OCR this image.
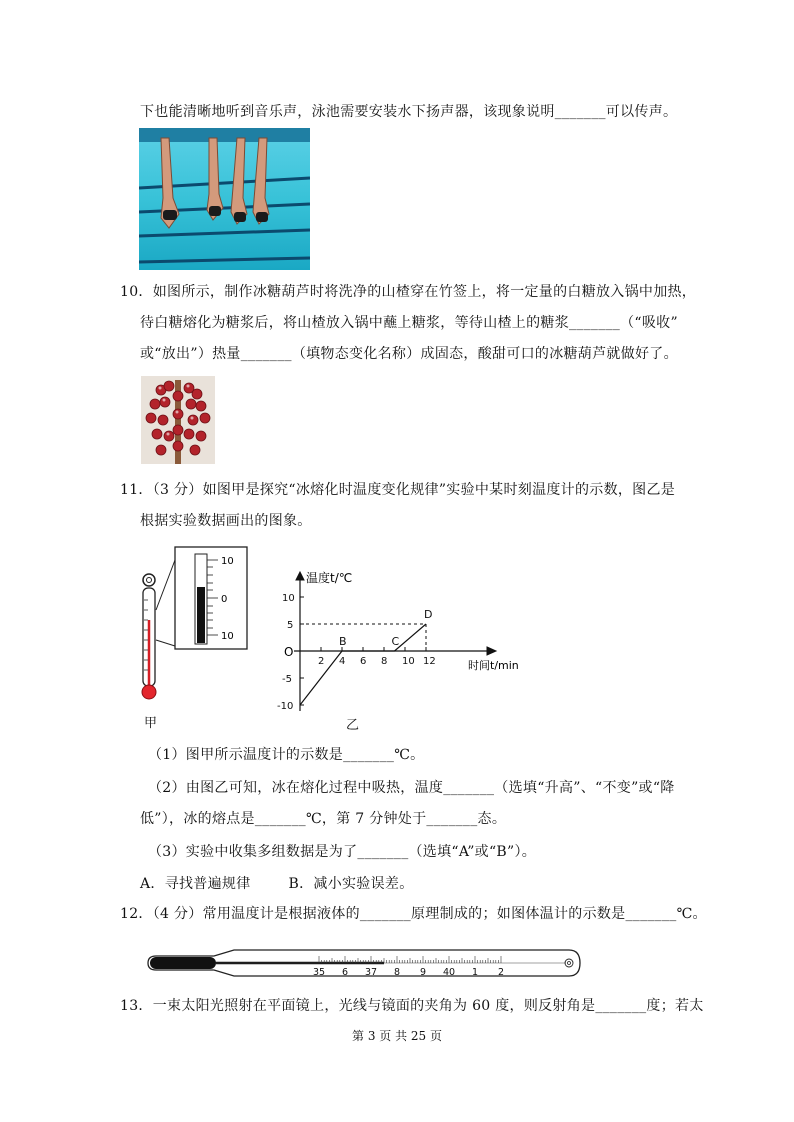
下也能清晰地听到音乐声，泳池需要安装水下扬声器，该现象说明_______可以传声。
10．如图所示，制作冰糖葫芦时将洗净的山楂穿在竹签上，将一定量的白糖放入锅中加热，
待白糖熔化为糖浆后，将山楂放入锅中蘸上糖浆，等待山楂上的糖浆_______（“吸收”
或“放出”）热量_______（填物态变化名称）成固态，酸甜可口的冰糖葫芦就做好了。
11．（3 分）如图甲是探究“冰熔化时温度变化规律”实验中某时刻温度计的示数，图乙是
根据实验数据画出的图象。
10
0
10
甲
2 4 6 8 10 12
10
5
-5
-10
B	C
D
温度t/℃
时间t/min
O
乙
（1）图甲所示温度计的示数是_______℃。
（2）由图乙可知，冰在熔化过程中吸热，温度_______（选填“升高”、“不变”或“降
低”），冰的熔点是_______℃，第 7 分钟处于_______态。
（3）实验中收集多组数据是为了_______（选填“A”或“B”）。
A．寻找普遍规律        B．减小实验误差。
12．（4 分）常用温度计是根据液体的_______原理制成的；如图体温计的示数是_______℃。
35 6 37 8 9 40 1 2
13．一束太阳光照射在平面镜上，光线与镜面的夹角为 60 度，则反射角是_______度；若太
第 3 页 共 25 页
